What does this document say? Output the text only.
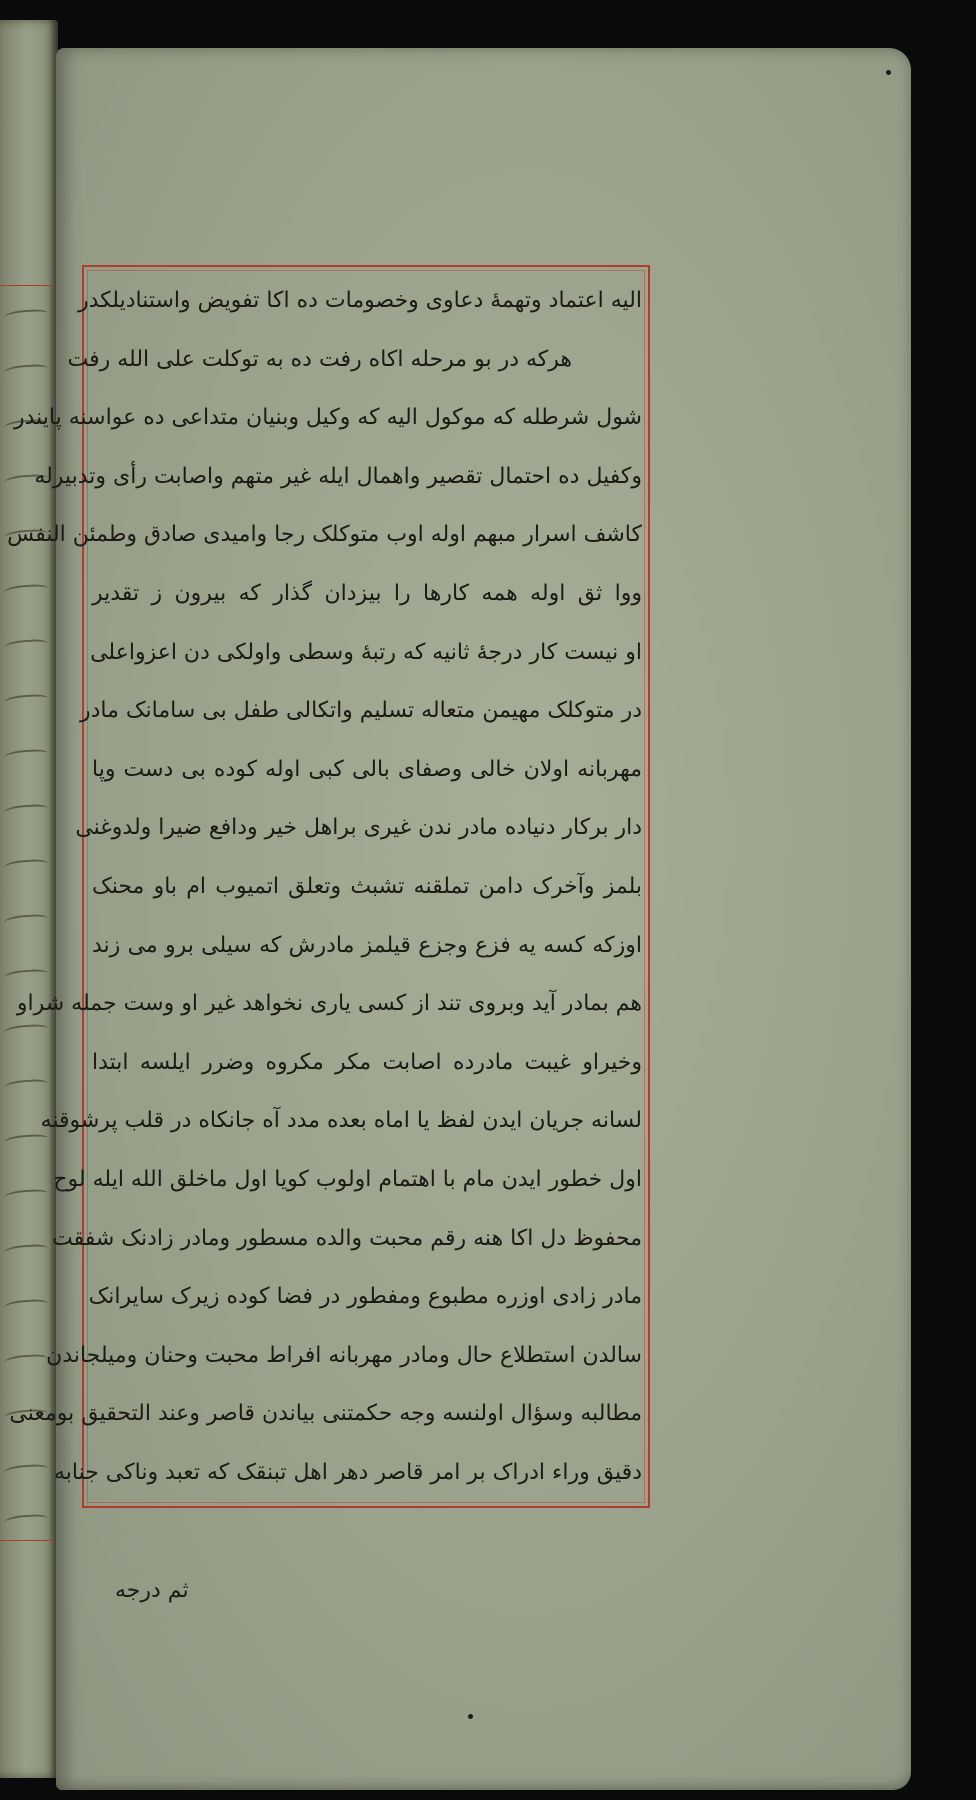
اليه اعتماد وتهمهٔ دعاوی وخصومات ده اکا تفويض واستنادیلکدر
هرکه در بو مرحله اکاه رفت ده به توکلت على الله رفت
شول شرطله که موکول اليه که وکيل وبنيان متداعی ده عواسنه پايندر
وکفيل ده احتمال تقصير واهمال ايله غير متهم واصابت رأی وتدبيرله
کاشف اسرار مبهم اوله اوب متوکلک رجا وامیدی صادق وطمئن النفس
ووا ثق اوله همه کارها را بيزدان گذار که بيرون ز تقدير
او نيست کار درجهٔ ثانيه که رتبهٔ وسطی واولکی دن اعزواعلی
در متوکلک مهيمن متعاله تسليم واتکالی طفل بی سامانک مادر
مهربانه اولان خالی وصفای بالی کبی اوله کوده بی دست وپا
دار برکار دنياده مادر ندن غيری براهل خير ودافع ضيرا ولدوغنی
بلمز وآخرک دامن تملقنه تشبث وتعلق اتميوب ام باو محنک
اوزکه کسه يه فزع وجزع قيلمز مادرش که سيلی برو می زند
هم بمادر آيد وبروی تند از کسی ياری نخواهد غير او وست جمله شراو
وخيراو غيبت مادرده اصابت مکر مکروه وضرر ايلسه ابتدا
لسانه جريان ايدن لفظ يا اماه بعده مدد آه جانکاه در قلب پرشوقنه
اول خطور ايدن مام با اهتمام اولوب کويا اول ماخلق الله ايله لوح
محفوظ دل اکا هنه رقم محبت والده مسطور ومادر زادنک شفقت
مادر زادی اوزره مطبوع ومفطور در فضا کوده زيرک سايرانک
سالدن استطلاع حال ومادر مهربانه افراط محبت وحنان وميلجاندن
مطالبه وسؤال اولنسه وجه حکمتنی بياندن قاصر وعند التحقيق بومعنی
دقيق وراء ادراک بر امر قاصر دهر اهل تبنقک که تعبد وناکی جنابه
ثم درجه
